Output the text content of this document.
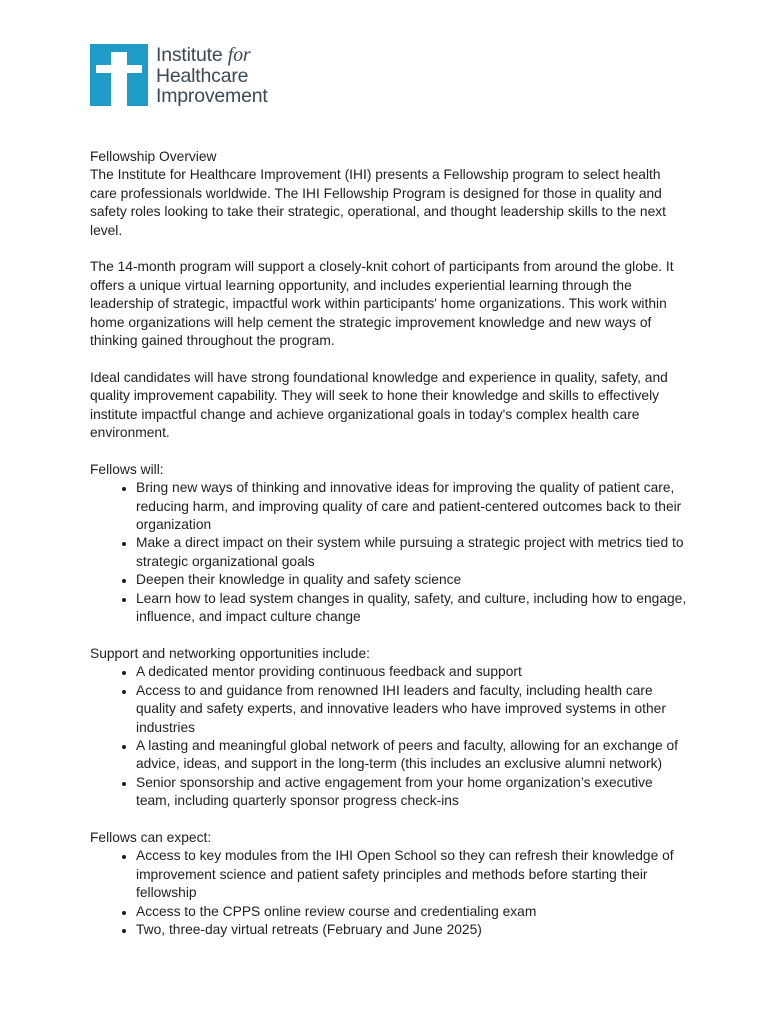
Institute for
Healthcare
Improvement

Fellowship Overview

The Institute for Healthcare Improvement (IHI) presents a Fellowship program to select health care professionals worldwide. The IHI Fellowship Program is designed for those in quality and safety roles looking to take their strategic, operational, and thought leadership skills to the next level.

The 14-month program will support a closely-knit cohort of participants from around the globe. It offers a unique virtual learning opportunity, and includes experiential learning through the leadership of strategic, impactful work within participants' home organizations. This work within home organizations will help cement the strategic improvement knowledge and new ways of thinking gained throughout the program.

Ideal candidates will have strong foundational knowledge and experience in quality, safety, and quality improvement capability. They will seek to hone their knowledge and skills to effectively institute impactful change and achieve organizational goals in today's complex health care environment.

Fellows will:

• Bring new ways of thinking and innovative ideas for improving the quality of patient care, reducing harm, and improving quality of care and patient-centered outcomes back to their organization
• Make a direct impact on their system while pursuing a strategic project with metrics tied to strategic organizational goals
• Deepen their knowledge in quality and safety science
• Learn how to lead system changes in quality, safety, and culture, including how to engage, influence, and impact culture change

Support and networking opportunities include:

• A dedicated mentor providing continuous feedback and support
• Access to and guidance from renowned IHI leaders and faculty, including health care quality and safety experts, and innovative leaders who have improved systems in other industries
• A lasting and meaningful global network of peers and faculty, allowing for an exchange of advice, ideas, and support in the long-term (this includes an exclusive alumni network)
• Senior sponsorship and active engagement from your home organization’s executive team, including quarterly sponsor progress check-ins

Fellows can expect:

• Access to key modules from the IHI Open School so they can refresh their knowledge of improvement science and patient safety principles and methods before starting their fellowship
• Access to the CPPS online review course and credentialing exam
• Two, three-day virtual retreats (February and June 2025)
